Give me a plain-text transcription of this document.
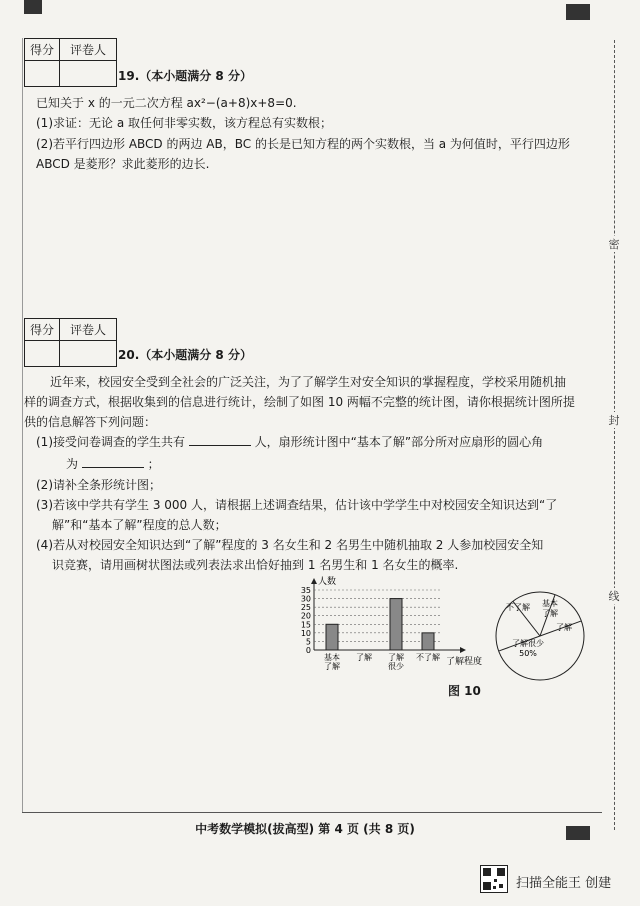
密
封
线
得分	评卷人

19.（本小题满分 8 分）
已知关于 x 的一元二次方程 ax²−(a+8)x+8=0.
(1)求证：无论 a 取任何非零实数，该方程总有实数根；
(2)若平行四边形 ABCD 的两边 AB，BC 的长是已知方程的两个实数根，当 a 为何值时，平行四边形
ABCD 是菱形？求此菱形的边长.
得分	评卷人

20.（本小题满分 8 分）
近年来，校园安全受到全社会的广泛关注，为了了解学生对安全知识的掌握程度，学校采用随机抽
样的调查方式，根据收集到的信息进行统计，绘制了如图 10 两幅不完整的统计图，请你根据统计图所提
供的信息解答下列问题：
(1)接受问卷调查的学生共有	人，扇形统计图中“基本了解”部分所对应扇形的圆心角
为	；
(2)请补全条形统计图；
(3)若该中学共有学生 3 000 人，请根据上述调查结果，估计该中学学生中对校园安全知识达到“了
解”和“基本了解”程度的总人数；
(4)若从对校园安全知识达到“了解”程度的 3 名女生和 2 名男生中随机抽取 2 人参加校园安全知
识竞赛，请用画树状图法或列表法求出恰好抽到 1 名男生和 1 名女生的概率.
人数
了解程度
0
5
10
15
20
25
30
35
基本
了解
了解 了解
很少
不了解
了解很少
50%
不了解 基本
了解
了解
图 10
中考数学模拟(拔高型) 第 4 页 (共 8 页)
扫描全能王 创建
